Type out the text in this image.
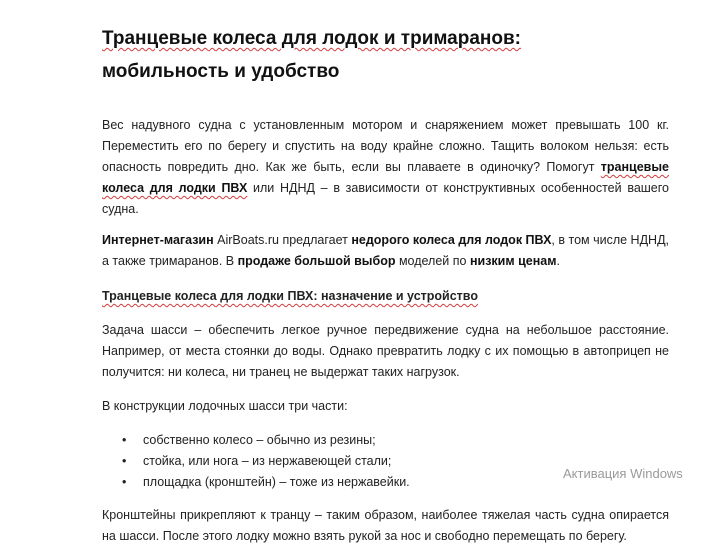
Транцевые колеса для лодок и тримаранов:
мобильность и удобство

Вес надувного судна с установленным мотором и снаряжением может превышать 100 кг. Переместить его по берегу и спустить на воду крайне сложно. Тащить волоком нельзя: есть опасность повредить дно. Как же быть, если вы плаваете в одиночку? Помогут транцевые колеса для лодки ПВХ или НДНД – в зависимости от конструктивных особенностей вашего судна.

Интернет-магазин AirBoats.ru предлагает недорого колеса для лодок ПВХ, в том числе НДНД, а также тримаранов. В продаже большой выбор моделей по низким ценам.

Транцевые колеса для лодки ПВХ: назначение и устройство

Задача шасси – обеспечить легкое ручное передвижение судна на небольшое расстояние. Например, от места стоянки до воды. Однако превратить лодку с их помощью в автоприцеп не получится: ни колеса, ни транец не выдержат таких нагрузок.

В конструкции лодочных шасси три части:

• собственно колесо – обычно из резины;
• стойка, или нога – из нержавеющей стали;
• площадка (кронштейн) – тоже из нержавейки.

Кронштейны прикрепляют к транцу – таким образом, наиболее тяжелая часть судна опирается на шасси. После этого лодку можно взять рукой за нос и свободно перемещать по берегу.

Активация Windows
